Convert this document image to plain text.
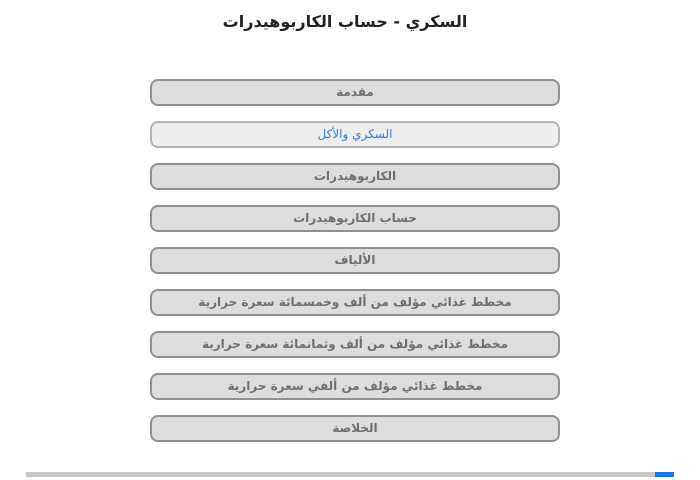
السكري - حساب الكاربوهيدرات
مقدمة
السكري والأكل
الكاربوهيدرات
حساب الكاربوهيدرات
الألياف
مخطط غذائي مؤلف من ألف وخمسمائة سعرة حرارية
مخطط غذائي مؤلف من ألف وثمانمائة سعرة حرارية
مخطط غذائي مؤلف من ألفي سعرة حرارية
الخلاصة
